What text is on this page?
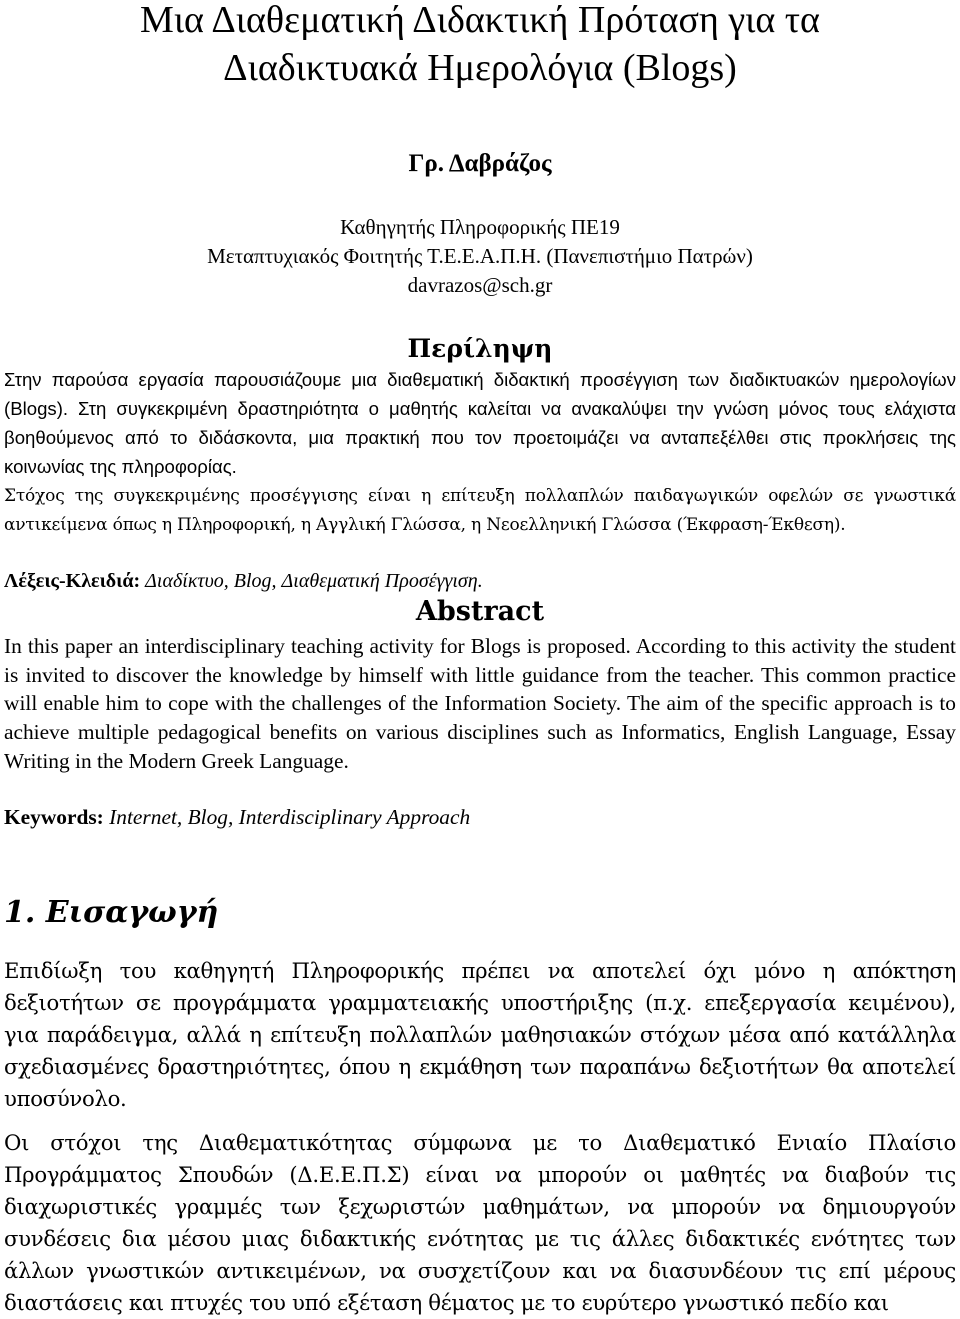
Μια Διαθεματική Διδακτική Πρόταση για τα
Διαδικτυακά Ημερολόγια (Blogs)

Γρ. Δαβράζος

Καθηγητής Πληροφορικής ΠΕ19
Μεταπτυχιακός Φοιτητής Τ.Ε.Ε.Α.Π.Η. (Πανεπιστήμιο Πατρών)
davrazos@sch.gr
Περίληψη

Στην παρούσα εργασία παρουσιάζουμε μια διαθεματική διδακτική προσέγγιση των διαδικτυακών ημερολογίων (Blogs). Στη συγκεκριμένη δραστηριότητα ο μαθητής καλείται να ανακαλύψει την γνώση μόνος τους ελάχιστα βοηθούμενος από το διδάσκοντα, μια πρακτική που τον προετοιμάζει να ανταπεξέλθει στις προκλήσεις της κοινωνίας της πληροφορίας.

Στόχος της συγκεκριμένης προσέγγισης είναι η επίτευξη πολλαπλών παιδαγωγικών οφελών σε γνωστικά αντικείμενα όπως η Πληροφορική, η Αγγλική Γλώσσα, η Νεοελληνική Γλώσσα (Έκφραση-Έκθεση).

Λέξεις-Κλειδιά: Διαδίκτυο, Blog, Διαθεματική Προσέγγιση.

Abstract

In this paper an interdisciplinary teaching activity for Blogs is proposed. According to this activity the student is invited to discover the knowledge by himself with little guidance from the teacher. This common practice will enable him to cope with the challenges of the Information Society. The aim of the specific approach is to achieve multiple pedagogical benefits on various disciplines such as Informatics, English Language, Essay Writing in the Modern Greek Language.

Keywords: Internet, Blog, Interdisciplinary Approach

1. Εισαγωγή

Επιδίωξη του καθηγητή Πληροφορικής πρέπει να αποτελεί όχι μόνο η απόκτηση δεξιοτήτων σε προγράμματα γραμματειακής υποστήριξης (π.χ. επεξεργασία κειμένου), για παράδειγμα, αλλά η επίτευξη πολλαπλών μαθησιακών στόχων μέσα από κατάλληλα σχεδιασμένες δραστηριότητες, όπου η εκμάθηση των παραπάνω δεξιοτήτων θα αποτελεί υποσύνολο.

Οι στόχοι της Διαθεματικότητας σύμφωνα με το Διαθεματικό Ενιαίο Πλαίσιο Προγράμματος Σπουδών (Δ.Ε.Ε.Π.Σ) είναι να μπορούν οι μαθητές να διαβούν τις διαχωριστικές γραμμές των ξεχωριστών μαθημάτων, να μπορούν να δημιουργούν συνδέσεις δια μέσου μιας διδακτικής ενότητας με τις άλλες διδακτικές ενότητες των άλλων γνωστικών αντικειμένων, να συσχετίζουν και να διασυνδέουν τις επί μέρους διαστάσεις και πτυχές του υπό εξέταση θέματος με το ευρύτερο γνωστικό πεδίο και
